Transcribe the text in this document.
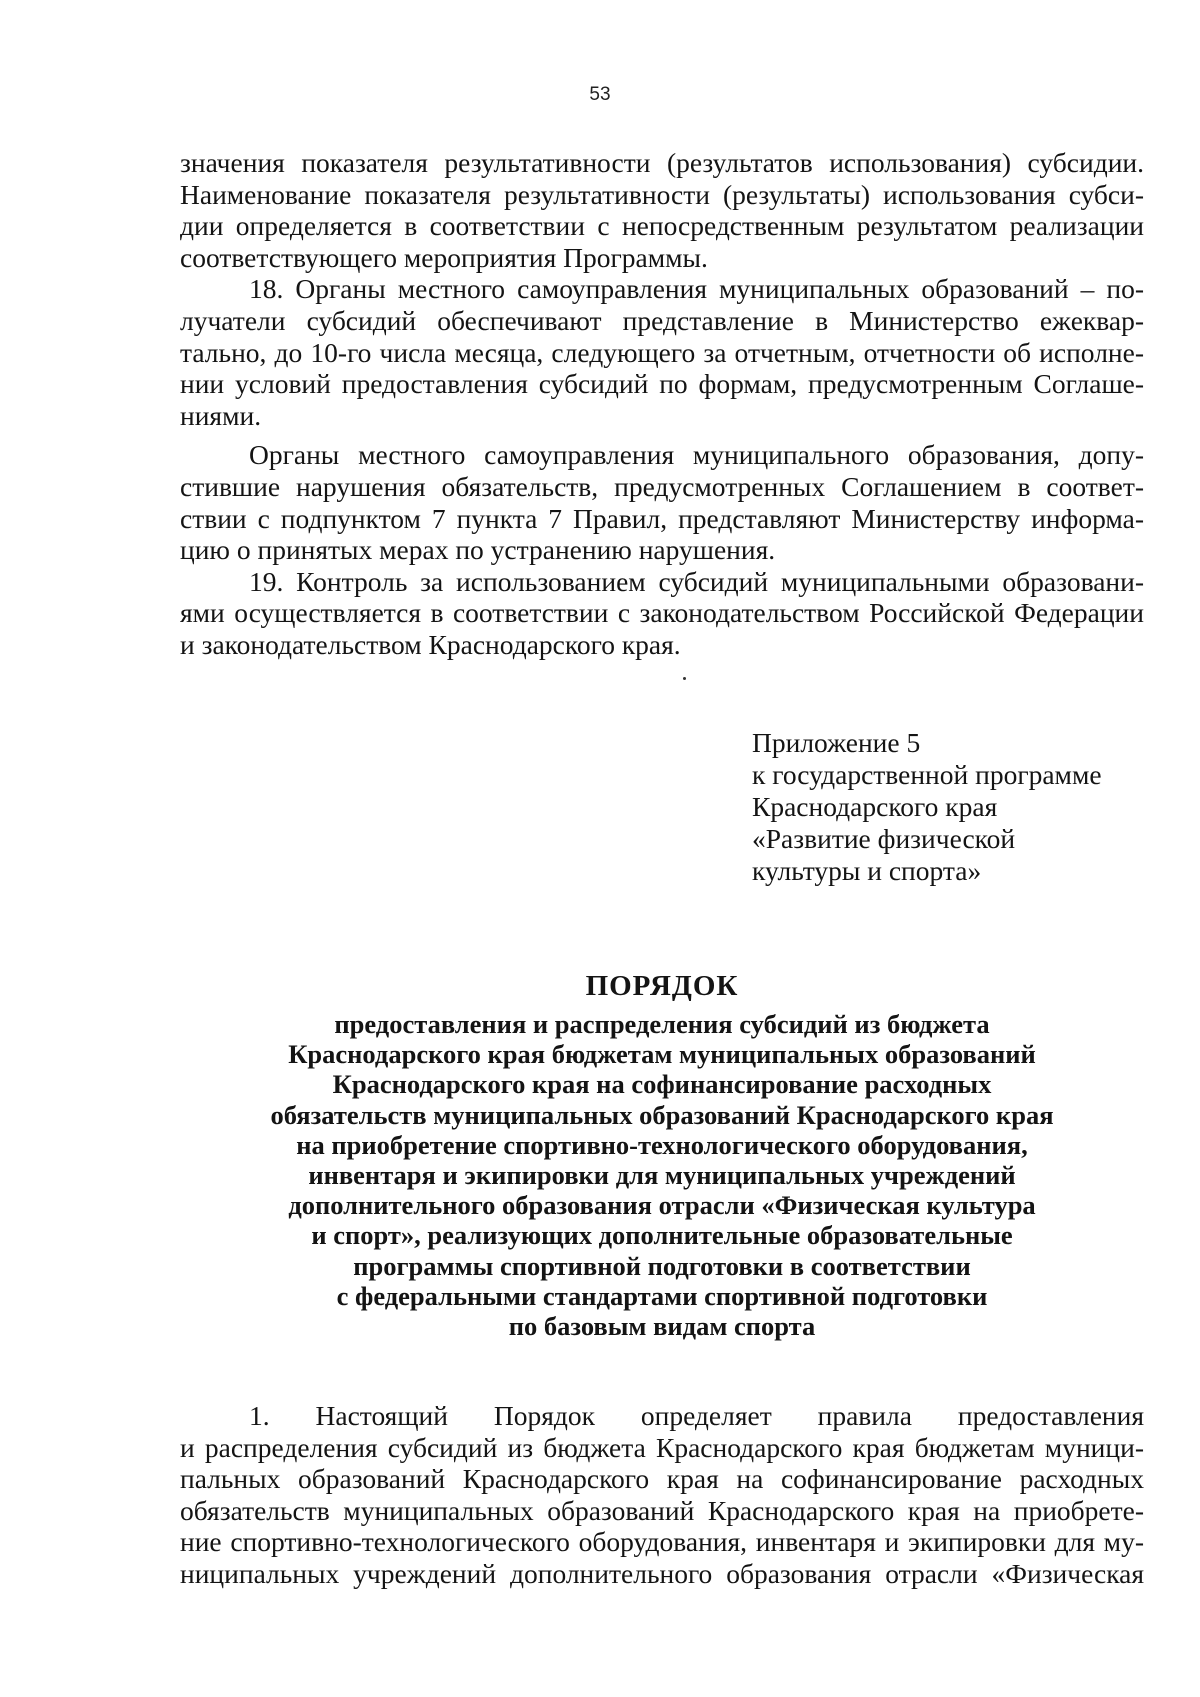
53
значения показателя результативности (результатов использования) субсидии.
Наименование показателя результативности (результаты) использования субси-
дии определяется в соответствии с непосредственным результатом реализации
соответствующего мероприятия Программы.
18. Органы местного самоуправления муниципальных образований – по-
лучатели субсидий обеспечивают представление в Министерство ежеквар-
тально, до 10-го числа месяца, следующего за отчетным, отчетности об исполне-
нии условий предоставления субсидий по формам, предусмотренным Соглаше-
ниями.
Органы местного самоуправления муниципального образования, допу-
стившие нарушения обязательств, предусмотренных Соглашением в соответ-
ствии с подпунктом 7 пункта 7 Правил, представляют Министерству информа-
цию о принятых мерах по устранению нарушения.
19. Контроль за использованием субсидий муниципальными образовани-
ями осуществляется в соответствии с законодательством Российской Федерации
и законодательством Краснодарского края.
Приложение 5
к государственной программе
Краснодарского края
«Развитие физической
культуры и спорта»
ПОРЯДОК
предоставления и распределения субсидий из бюджета
Краснодарского края бюджетам муниципальных образований
Краснодарского края на софинансирование расходных
обязательств муниципальных образований Краснодарского края
на приобретение спортивно-технологического оборудования,
инвентаря и экипировки для муниципальных учреждений
дополнительного образования отрасли «Физическая культура
и спорт», реализующих дополнительные образовательные
программы спортивной подготовки в соответствии
с федеральными стандартами спортивной подготовки
по базовым видам спорта
1. Настоящий Порядок определяет правила предоставления
и распределения субсидий из бюджета Краснодарского края бюджетам муници-
пальных образований Краснодарского края на софинансирование расходных
обязательств муниципальных образований Краснодарского края на приобрете-
ние спортивно-технологического оборудования, инвентаря и экипировки для му-
ниципальных учреждений дополнительного образования отрасли «Физическая
